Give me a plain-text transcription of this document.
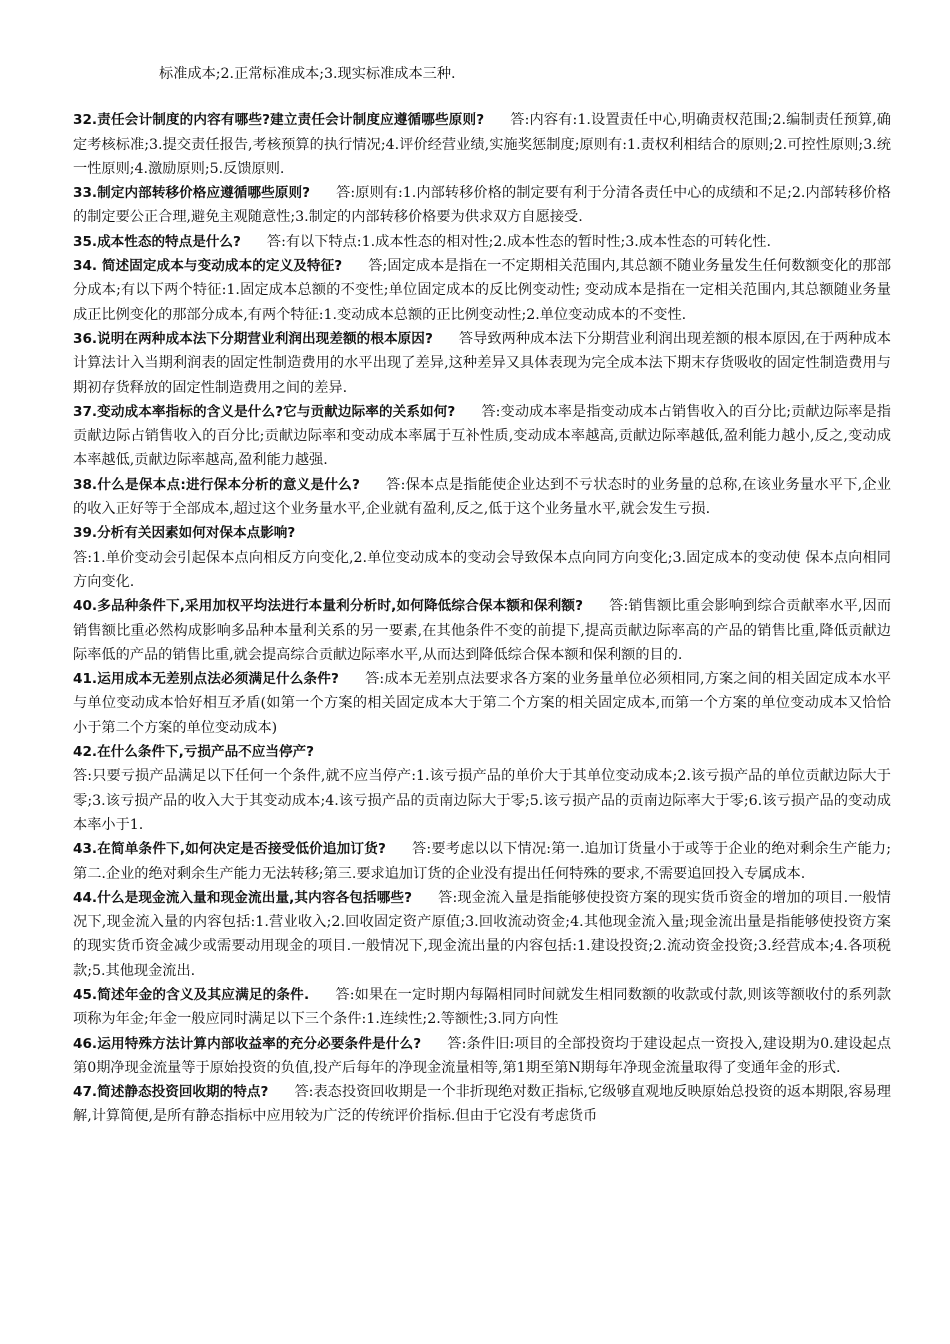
标准成本;2.正常标准成本;3.现实标准成本三种.

32.责任会计制度的内容有哪些?建立责任会计制度应遵循哪些原则? 答:内容有:1.设置责任中心,明确责权范围;2.编制责任预算,确定考核标准;3.提交责任报告,考核预算的执行情况;4.评价经营业绩,实施奖惩制度;原则有:1.责权利相结合的原则;2.可控性原则;3.统一性原则;4.激励原则;5.反馈原则.

33.制定内部转移价格应遵循哪些原则? 答:原则有:1.内部转移价格的制定要有利于分清各责任中心的成绩和不足;2.内部转移价格的制定要公正合理,避免主观随意性;3.制定的内部转移价格要为供求双方自愿接受.

35.成本性态的特点是什么? 答:有以下特点:1.成本性态的相对性;2.成本性态的暂时性;3.成本性态的可转化性.

34. 简述固定成本与变动成本的定义及特征? 答;固定成本是指在一不定期相关范围内,其总额不随业务量发生任何数额变化的那部分成本;有以下两个特征:1.固定成本总额的不变性;单位固定成本的反比例变动性; 变动成本是指在一定相关范围内,其总额随业务量成正比例变化的那部分成本,有两个特征:1.变动成本总额的正比例变动性;2.单位变动成本的不变性.

36.说明在两种成本法下分期营业利润出现差额的根本原因? 答导致两种成本法下分期营业利润出现差额的根本原因,在于两种成本计算法计入当期利润表的固定性制造费用的水平出现了差异,这种差异又具体表现为完全成本法下期末存货吸收的固定性制造费用与期初存货释放的固定性制造费用之间的差异.

37.变动成本率指标的含义是什么?它与贡献边际率的关系如何? 答:变动成本率是指变动成本占销售收入的百分比;贡献边际率是指贡献边际占销售收入的百分比;贡献边际率和变动成本率属于互补性质,变动成本率越高,贡献边际率越低,盈利能力越小,反之,变动成本率越低,贡献边际率越高,盈利能力越强.

38.什么是保本点:进行保本分析的意义是什么? 答:保本点是指能使企业达到不亏状态时的业务量的总称,在该业务量水平下,企业的收入正好等于全部成本,超过这个业务量水平,企业就有盈利,反之,低于这个业务量水平,就会发生亏损.

39.分析有关因素如何对保本点影响?
答:1.单价变动会引起保本点向相反方向变化,2.单位变动成本的变动会导致保本点向同方向变化;3.固定成本的变动使 保本点向相同方向变化.

40.多品种条件下,采用加权平均法进行本量利分析时,如何降低综合保本额和保利额? 答:销售额比重会影响到综合贡献率水平,因而销售额比重必然构成影响多品种本量利关系的另一要素,在其他条件不变的前提下,提高贡献边际率高的产品的销售比重,降低贡献边际率低的产品的销售比重,就会提高综合贡献边际率水平,从而达到降低综合保本额和保利额的目的.

41.运用成本无差别点法必须满足什么条件? 答:成本无差别点法要求各方案的业务量单位必须相同,方案之间的相关固定成本水平与单位变动成本恰好相互矛盾(如第一个方案的相关固定成本大于第二个方案的相关固定成本,而第一个方案的单位变动成本又恰恰小于第二个方案的单位变动成本)

42.在什么条件下,亏损产品不应当停产?
答:只要亏损产品满足以下任何一个条件,就不应当停产:1.该亏损产品的单价大于其单位变动成本;2.该亏损产品的单位贡献边际大于零;3.该亏损产品的收入大于其变动成本;4.该亏损产品的贡南边际大于零;5.该亏损产品的贡南边际率大于零;6.该亏损产品的变动成本率小于1.

43.在简单条件下,如何决定是否接受低价追加订货? 答:要考虑以以下情况:第一.追加订货量小于或等于企业的绝对剩余生产能力;第二.企业的绝对剩余生产能力无法转移;第三.要求追加订货的企业没有提出任何特殊的要求,不需要追回投入专属成本.

44.什么是现金流入量和现金流出量,其内容各包括哪些? 答:现金流入量是指能够使投资方案的现实货币资金的增加的项目.一般情况下,现金流入量的内容包括:1.营业收入;2.回收固定资产原值;3.回收流动资金;4.其他现金流入量;现金流出量是指能够使投资方案的现实货币资金减少或需要动用现金的项目.一般情况下,现金流出量的内容包括:1.建设投资;2.流动资金投资;3.经营成本;4.各项税款;5.其他现金流出.

45.简述年金的含义及其应满足的条件. 答:如果在一定时期内每隔相同时间就发生相同数额的收款或付款,则该等额收付的系列款项称为年金;年金一般应同时满足以下三个条件:1.连续性;2.等额性;3.同方向性

46.运用特殊方法计算内部收益率的充分必要条件是什么? 答:条件旧:项目的全部投资均于建设起点一资投入,建设期为0.建设起点第0期净现金流量等于原始投资的负值,投产后每年的净现金流量相等,第1期至第N期每年净现金流量取得了变通年金的形式.

47.简述静态投资回收期的特点? 答:表态投资回收期是一个非折现绝对数正指标,它级够直观地反映原始总投资的返本期限,容易理解,计算简便,是所有静态指标中应用较为广泛的传统评价指标.但由于它没有考虑货币
